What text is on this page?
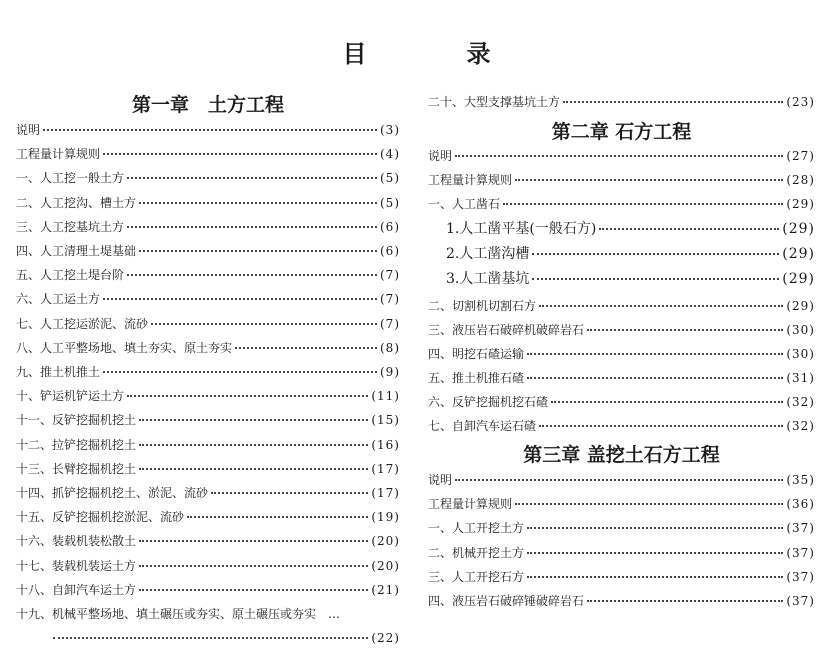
目　录
第一章　土方工程
说明	(3)
工程量计算规则	(4)
一、人工挖一般土方	(5)
二、人工挖沟、槽土方	(5)
三、人工挖基坑土方	(6)
四、人工清理土堤基础	(6)
五、人工挖土堤台阶	(7)
六、人工运土方	(7)
七、人工挖运淤泥、流砂	(7)
八、人工平整场地、填土夯实、原土夯实	(8)
九、推土机推土	(9)
十、铲运机铲运土方	(11)
十一、反铲挖掘机挖土	(15)
十二、拉铲挖掘机挖土	(16)
十三、长臂挖掘机挖土	(17)
十四、抓铲挖掘机挖土、淤泥、流砂	(17)
十五、反铲挖掘机挖淤泥、流砂	(19)
十六、装载机装松散土	(20)
十七、装载机装运土方	(20)
十八、自卸汽车运土方	(21)
十九、机械平整场地、填土碾压或夯实、原土碾压或夯实 …
(22)
第二章 石方工程
第三章 盖挖土石方工程
二十、大型支撑基坑土方	(23)
说明	(27)
工程量计算规则	(28)
一、人工凿石	(29)
1.人工凿平基(一般石方)	(29)
2.人工凿沟槽	(29)
3.人工凿基坑	(29)
二、切割机切割石方	(29)
三、液压岩石破碎机破碎岩石	(30)
四、明挖石碴运输	(30)
五、推土机推石碴	(31)
六、反铲挖掘机挖石碴	(32)
七、自卸汽车运石碴	(32)
说明	(35)
工程量计算规则	(36)
一、人工开挖土方	(37)
二、机械开挖土方	(37)
三、人工开挖石方	(37)
四、液压岩石破碎锤破碎岩石	(37)
